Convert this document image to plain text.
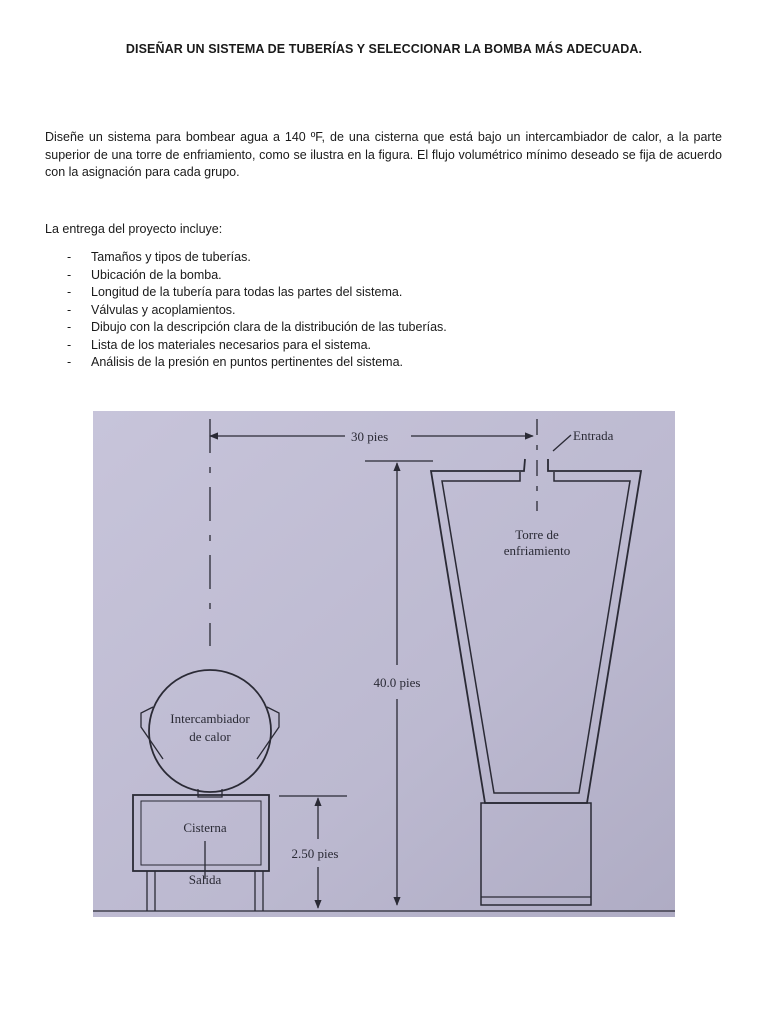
DISEÑAR UN SISTEMA DE TUBERÍAS Y SELECCIONAR LA BOMBA MÁS ADECUADA.
Diseñe un sistema para bombear agua a 140 ºF, de una cisterna que está bajo un intercambiador de calor, a la parte superior de una torre de enfriamiento, como se ilustra en la figura. El flujo volumétrico mínimo deseado se fija de acuerdo con la asignación para cada grupo.
La entrega del proyecto incluye:
- Tamaños y tipos de tuberías.
- Ubicación de la bomba.
- Longitud de la tubería para todas las partes del sistema.
- Válvulas y acoplamientos.
- Dibujo con la descripción clara de la distribución de las tuberías.
- Lista de los materiales necesarios para el sistema.
- Análisis de la presión en puntos pertinentes del sistema.
30 pies	Entrada
Torre de
enfriamiento
40.0 pies
Intercambiador
de calor
Cisterna
Salida
2.50 pies
